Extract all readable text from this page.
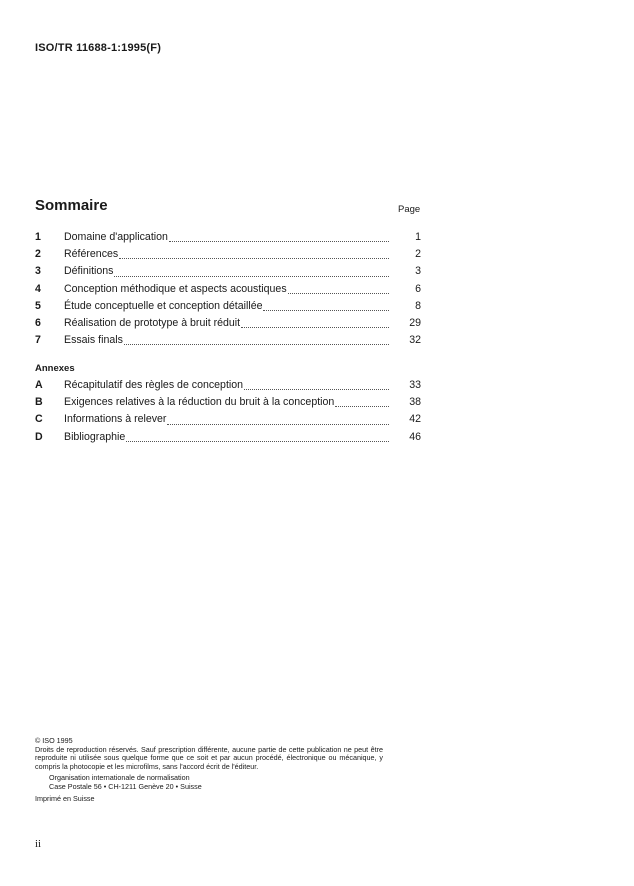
ISO/TR 11688-1:1995(F)
Sommaire	Page
1	Domaine d'application	1
2	Références	2
3	Définitions	3
4	Conception méthodique et aspects acoustiques	6
5	Étude conceptuelle et conception détaillée	8
6	Réalisation de prototype à bruit réduit	29
7	Essais finals	32
Annexes
A	Récapitulatif des règles de conception	33
B	Exigences relatives à la réduction du bruit à la conception	38
C	Informations à relever	42
D	Bibliographie	46
© ISO 1995
Droits de reproduction réservés. Sauf prescription différente, aucune partie de cette publication ne peut être reproduite ni utilisée sous quelque forme que ce soit et par aucun procédé, électronique ou mécanique, y compris la photocopie et les microfilms, sans l'accord écrit de l'éditeur.
Organisation internationale de normalisation
Case Postale 56 • CH-1211 Genève 20 • Suisse
Imprimé en Suisse
ii
